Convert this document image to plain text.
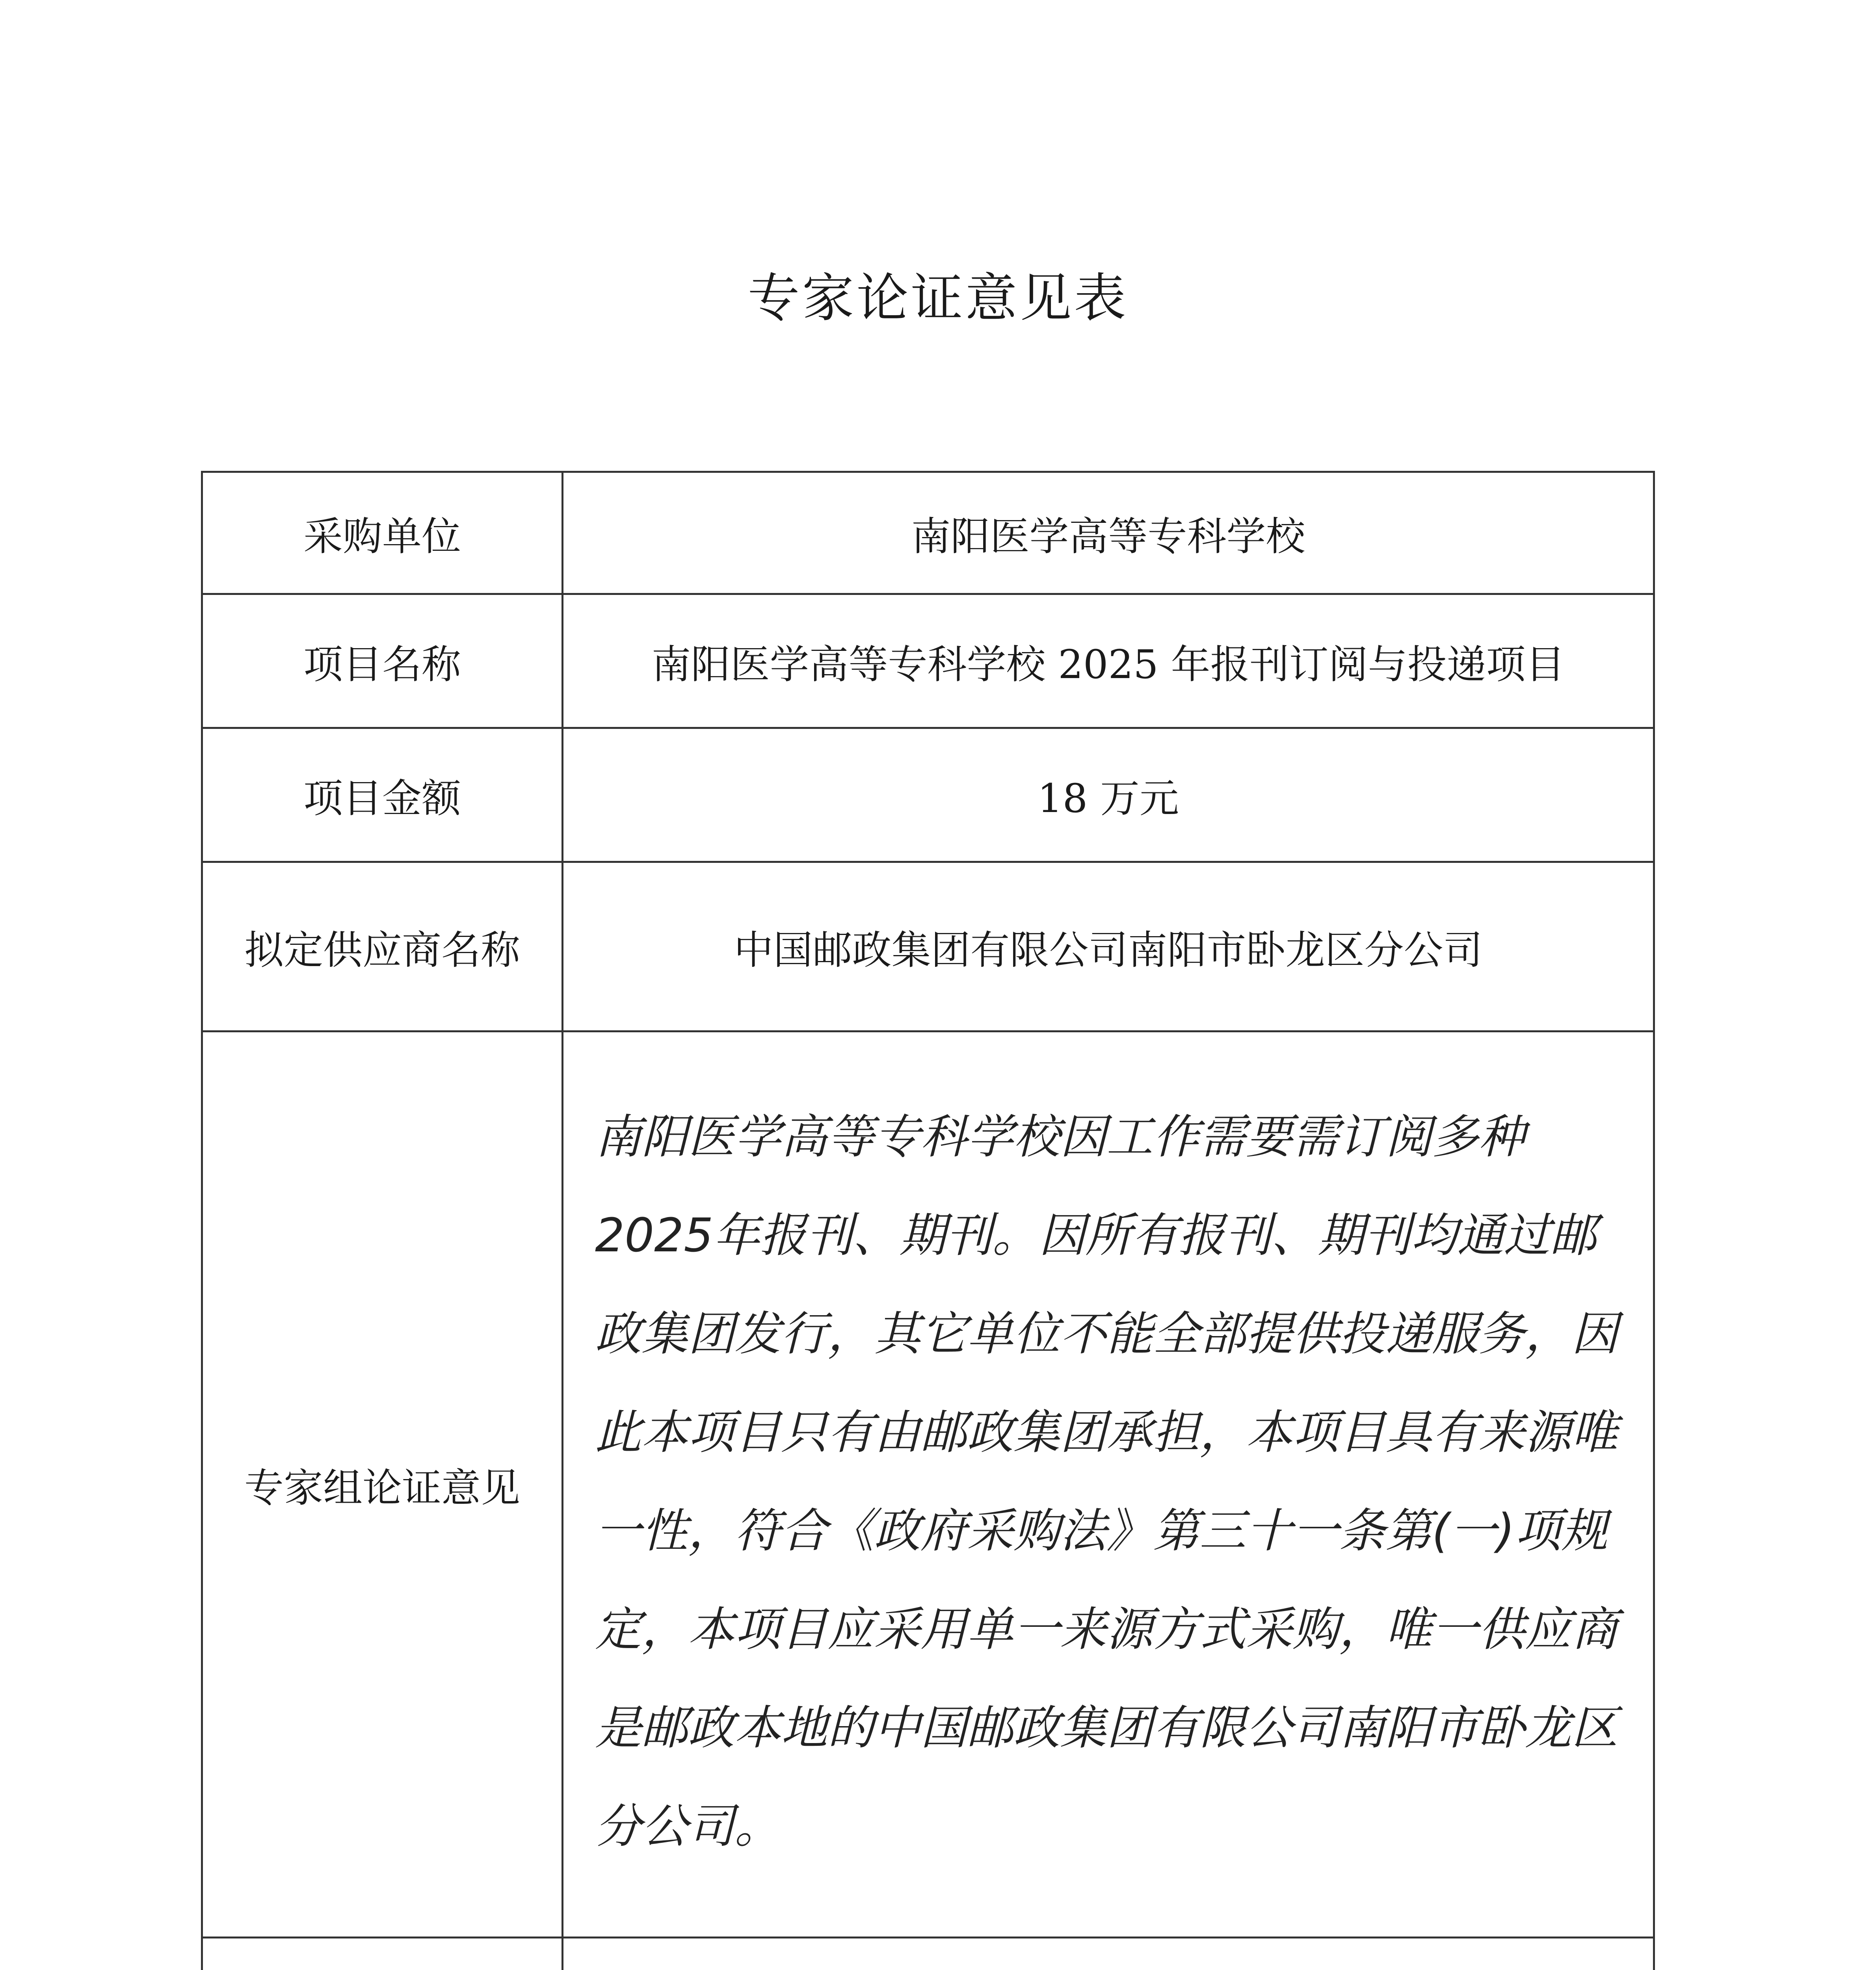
专家论证意见表
采购单位	南阳医学高等专科学校
项目名称	南阳医学高等专科学校 2025 年报刊订阅与投递项目
项目金额	18 万元
拟定供应商名称	中国邮政集团有限公司南阳市卧龙区分公司
专家组论证意见	南阳医学高等专科学校因工作需要需订阅多种2025年报刊、期刊。因所有报刊、期刊均通过邮政集团发行，其它单位不能全部提供投递服务，因此本项目只有由邮政集团承担，本项目具有来源唯一性，符合《政府采购法》第三十一条第(一)项规定，本项目应采用单一来源方式采购，唯一供应商是邮政本地的中国邮政集团有限公司南阳市卧龙区分公司。
